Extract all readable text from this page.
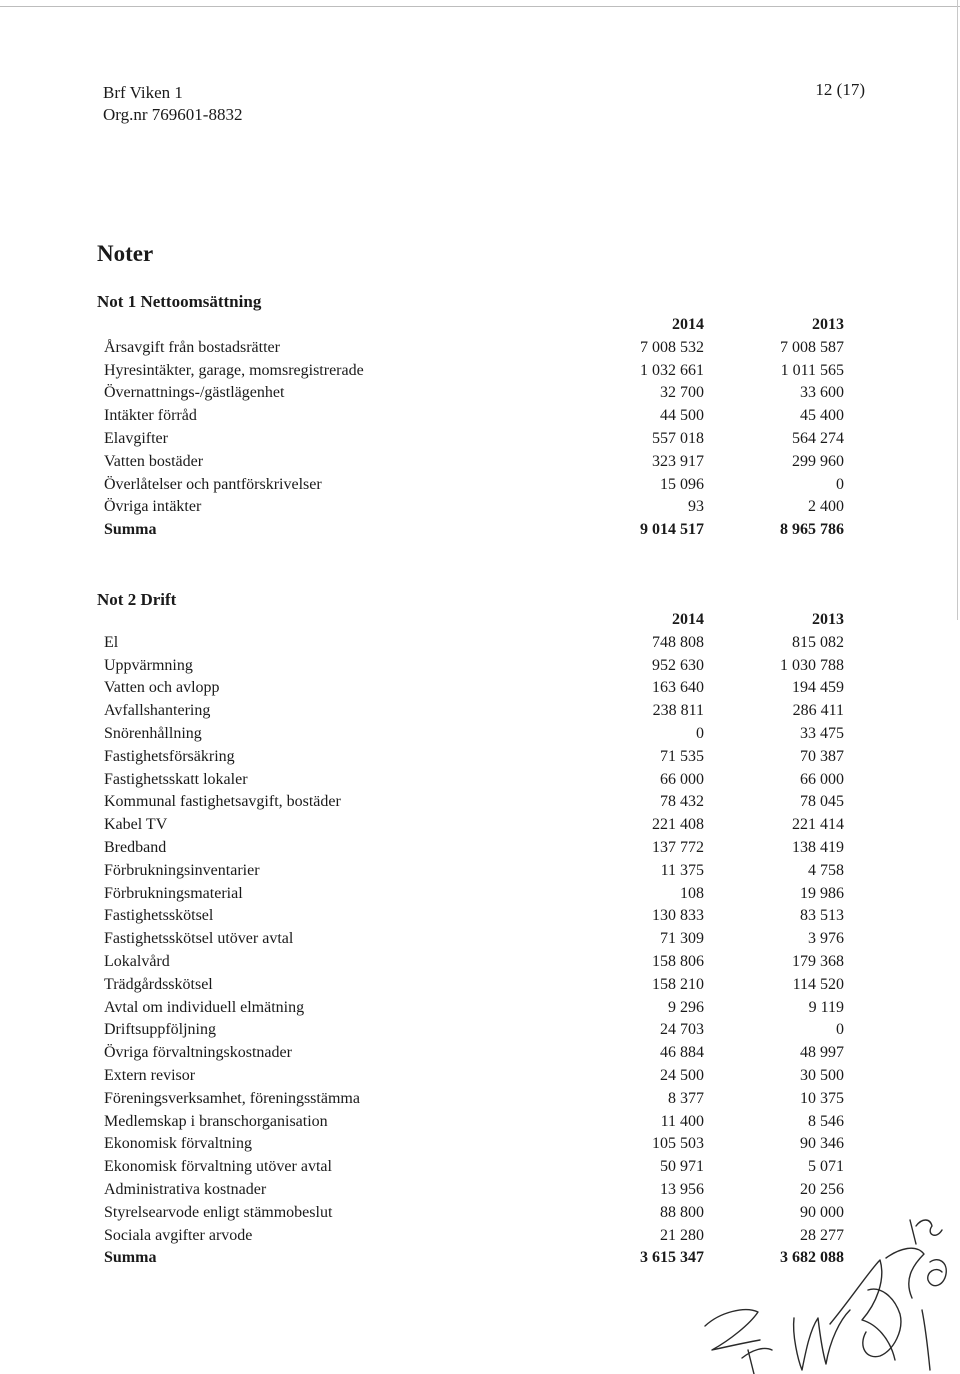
Brf Viken 1
Org.nr 769601-8832
12 (17)
Noter
Not 1 Nettoomsättning
2014	2013
Årsavgift från bostadsrätter	7 008 532	7 008 587
Hyresintäkter, garage, momsregistrerade	1 032 661	1 011 565
Övernattnings-/gästlägenhet	32 700	33 600
Intäkter förråd	44 500	45 400
Elavgifter	557 018	564 274
Vatten bostäder	323 917	299 960
Överlåtelser och pantförskrivelser	15 096	0
Övriga intäkter	93	2 400
Summa	9 014 517	8 965 786
Not 2 Drift
2014	2013
El	748 808	815 082
Uppvärmning	952 630	1 030 788
Vatten och avlopp	163 640	194 459
Avfallshantering	238 811	286 411
Snörenhållning	0	33 475
Fastighetsförsäkring	71 535	70 387
Fastighetsskatt lokaler	66 000	66 000
Kommunal fastighetsavgift, bostäder	78 432	78 045
Kabel TV	221 408	221 414
Bredband	137 772	138 419
Förbrukningsinventarier	11 375	4 758
Förbrukningsmaterial	108	19 986
Fastighetsskötsel	130 833	83 513
Fastighetsskötsel utöver avtal	71 309	3 976
Lokalvård	158 806	179 368
Trädgårdsskötsel	158 210	114 520
Avtal om individuell elmätning	9 296	9 119
Driftsuppföljning	24 703	0
Övriga förvaltningskostnader	46 884	48 997
Extern revisor	24 500	30 500
Föreningsverksamhet, föreningsstämma	8 377	10 375
Medlemskap i branschorganisation	11 400	8 546
Ekonomisk förvaltning	105 503	90 346
Ekonomisk förvaltning utöver avtal	50 971	5 071
Administrativa kostnader	13 956	20 256
Styrelsearvode enligt stämmobeslut	88 800	90 000
Sociala avgifter arvode	21 280	28 277
Summa	3 615 347	3 682 088
